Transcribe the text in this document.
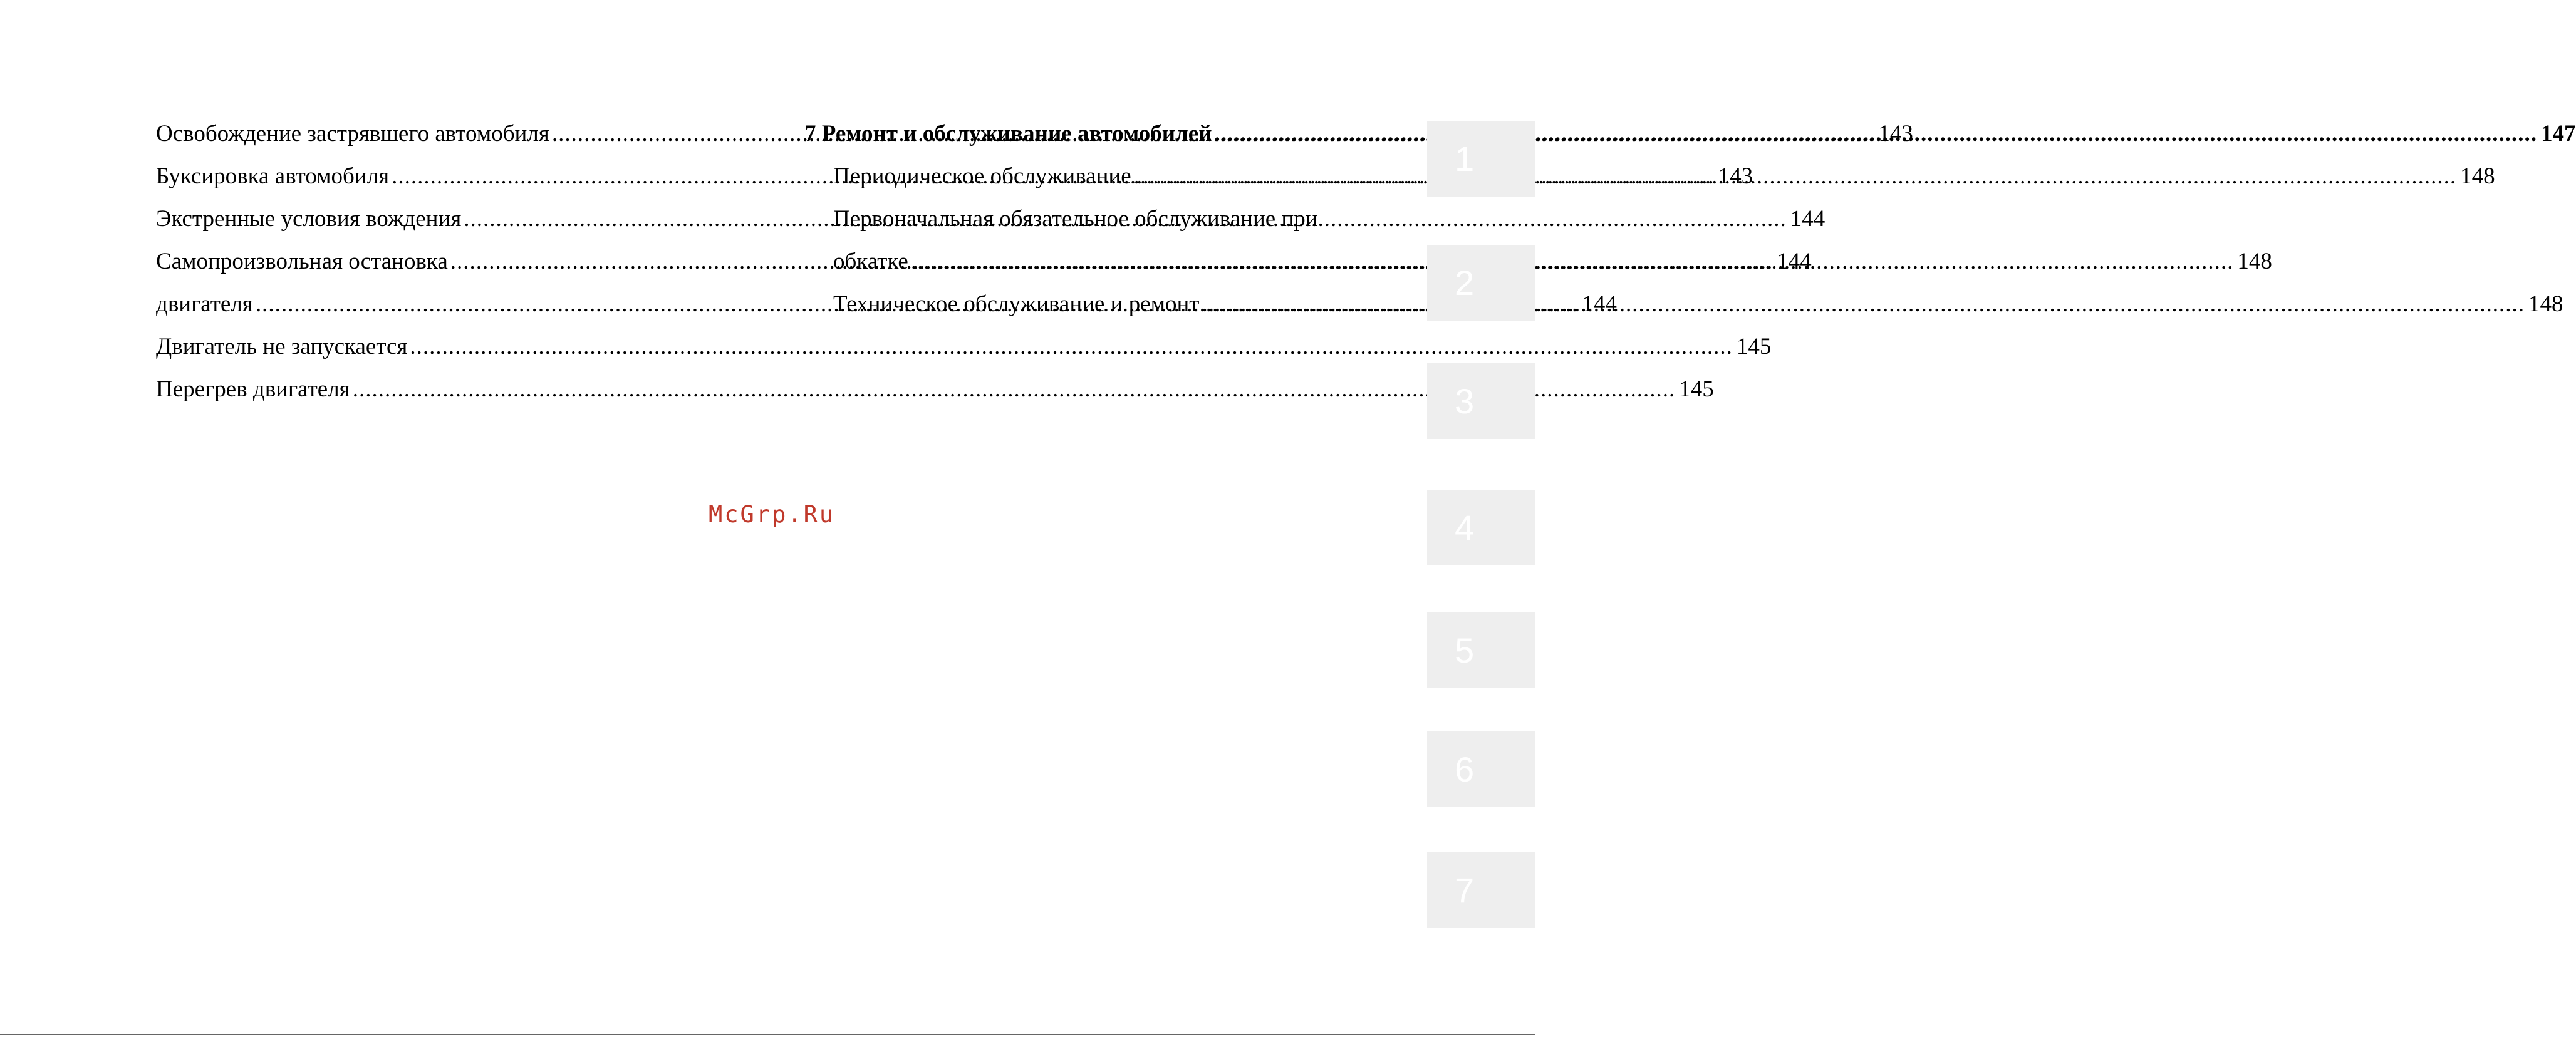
Освобождение застрявшего автомобиля .....	143
Буксировка автомобиля .....	143
Экстренные условия вождения .....	144
Самопроизвольная остановка .....	144
двигателя .....	144
Двигатель не запускается .....	145
Перегрев двигателя .....	145
7 Ремонт и обслуживание автомобилей .....	147
Периодическое обслуживание .....	148
Первоначальная обязательное обслуживание при
обкатке .....	148
Техническое обслуживание и ремонт .....	148
McGrp.Ru
1
2
3
4
5
6
7
